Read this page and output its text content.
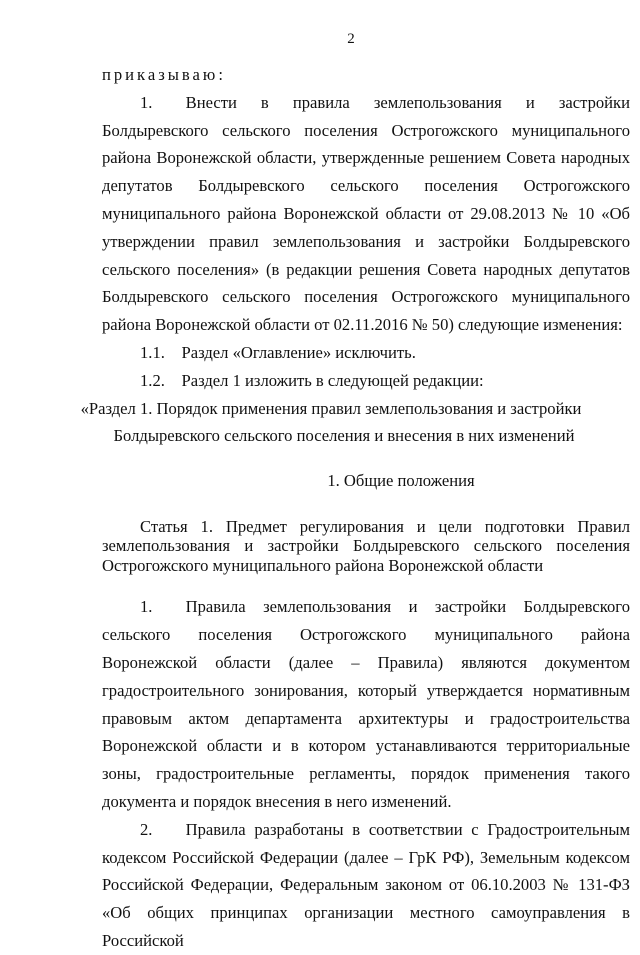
2

приказываю:

1.  Внести в правила землепользования и застройки Болдыревского сельского поселения Острогожского муниципального района Воронежской области, утвержденные решением Совета народных депутатов Болдыревского сельского поселения Острогожского муниципального района Воронежской области от 29.08.2013 № 10 «Об утверждении правил землепользования и застройки Болдыревского сельского поселения» (в редакции решения Совета народных депутатов Болдыревского сельского поселения Острогожского муниципального района Воронежской области от 02.11.2016 № 50) следующие изменения:

1.1. Раздел «Оглавление» исключить.

1.2. Раздел 1 изложить в следующей редакции:

«Раздел 1. Порядок применения правил землепользования и застройки

Болдыревского сельского поселения и внесения в них изменений

1. Общие положения

Статья 1. Предмет регулирования и цели подготовки Правил землепользования и застройки Болдыревского сельского поселения Острогожского муниципального района Воронежской области

1.  Правила землепользования и застройки Болдыревского сельского поселения Острогожского муниципального района Воронежской области (далее – Правила) являются документом градостроительного зонирования, который утверждается нормативным правовым актом департамента архитектуры и градостроительства Воронежской области и в котором устанавливаются территориальные зоны, градостроительные регламенты, порядок применения такого документа и порядок внесения в него изменений.

2.  Правила разработаны в соответствии с Градостроительным кодексом Российской Федерации (далее – ГрК РФ), Земельным кодексом Российской Федерации, Федеральным законом от 06.10.2003 № 131-ФЗ «Об общих принципах организации местного самоуправления в Российской
